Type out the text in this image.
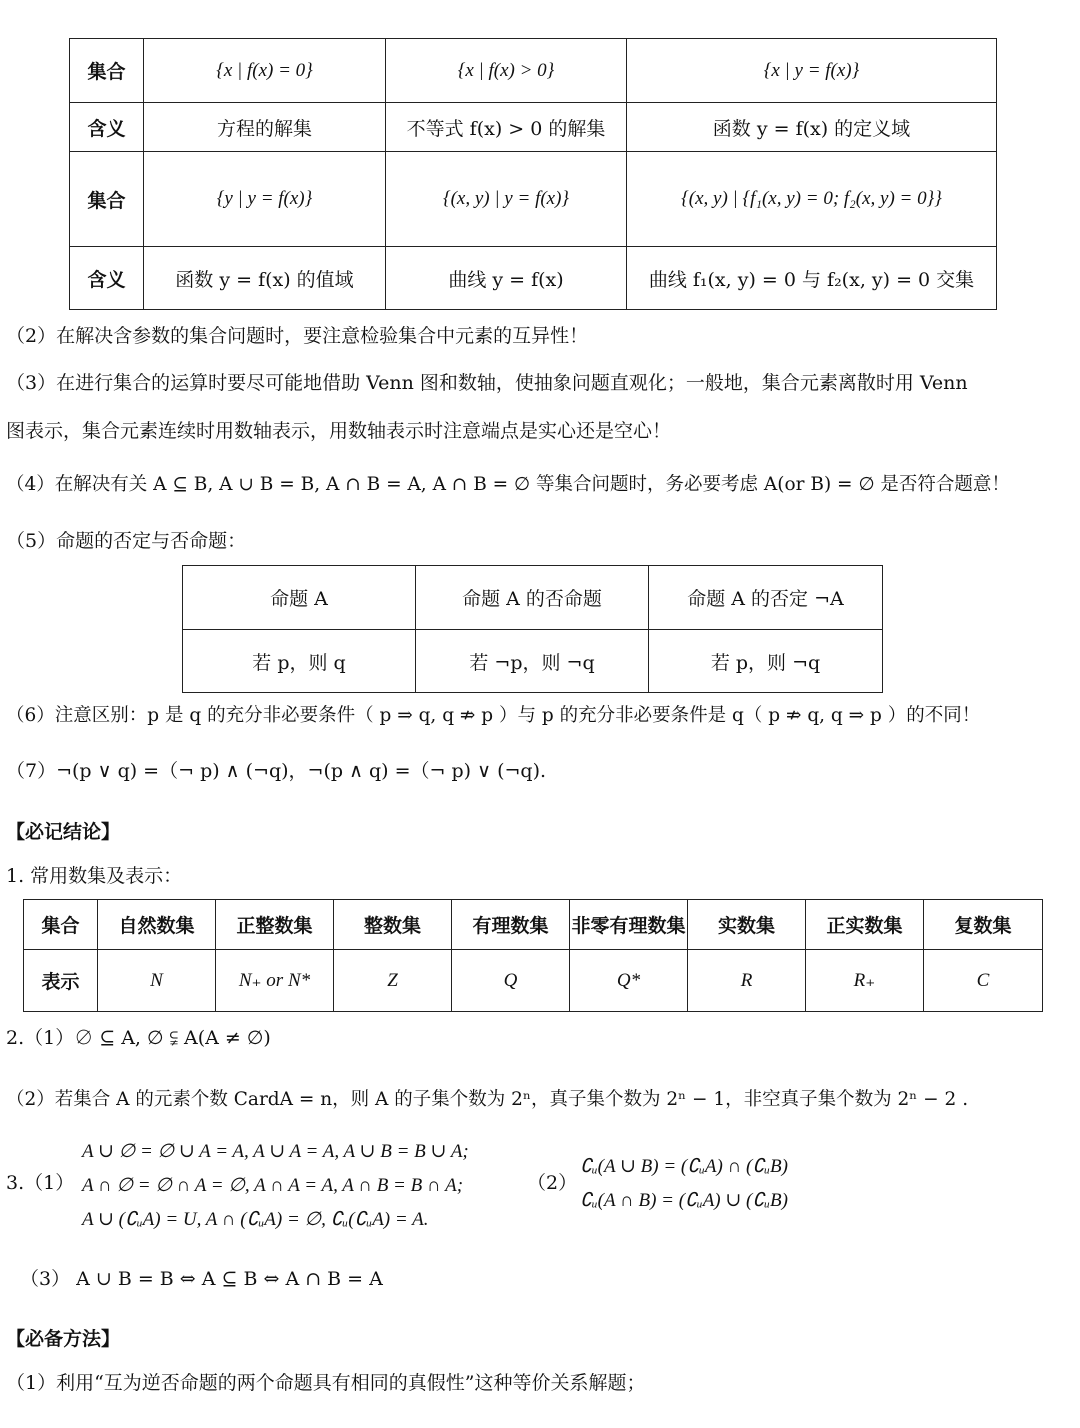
集合	{x | f(x) = 0}	{x | f(x) > 0}	{x | y = f(x)}
含义	方程的解集	不等式 f(x) > 0 的解集	函数 y = f(x) 的定义域
集合	{y | y = f(x)}	{(x, y) | y = f(x)}	{(x, y) | {f₁(x, y) = 0; f₂(x, y) = 0}}
含义	函数 y = f(x) 的值域	曲线 y = f(x)	曲线 f₁(x, y) = 0 与 f₂(x, y) = 0 交集
（2）在解决含参数的集合问题时，要注意检验集合中元素的互异性！
（3）在进行集合的运算时要尽可能地借助 Venn 图和数轴，使抽象问题直观化；一般地，集合元素离散时用 Venn
图表示，集合元素连续时用数轴表示，用数轴表示时注意端点是实心还是空心！
（4）在解决有关 A ⊆ B, A ∪ B = B, A ∩ B = A, A ∩ B = ∅ 等集合问题时，务必要考虑 A(or B) = ∅ 是否符合题意！
（5）命题的否定与否命题：
命题 A	命题 A 的否命题	命题 A 的否定 ¬A
若 p，则 q	若 ¬p，则 ¬q	若 p，则 ¬q
（6）注意区别：p 是 q 的充分非必要条件（ p ⇒ q, q ⇏ p ）与 p 的充分非必要条件是 q（ p ⇏ q, q ⇒ p ）的不同！
（7）¬(p ∨ q) =（¬ p) ∧ (¬q)，¬(p ∧ q) =（¬ p) ∨ (¬q).
【必记结论】
1. 常用数集及表示：
集合	自然数集	正整数集	整数集	有理数集	非零有理数集	实数集	正实数集	复数集
表示	N	N₊ or N*	Z	Q	Q*	R	R₊	C
2.（1）∅ ⊆ A, ∅ ⫋ A(A ≠ ∅)
（2）若集合 A 的元素个数 CardA = n，则 A 的子集个数为 2ⁿ，真子集个数为 2ⁿ − 1，非空真子集个数为 2ⁿ − 2 .
3.（1）
A ∪ ∅ = ∅ ∪ A = A, A ∪ A = A, A ∪ B = B ∪ A;
A ∩ ∅ = ∅ ∩ A = ∅, A ∩ A = A, A ∩ B = B ∩ A;
A ∪ (∁ᵤA) = U, A ∩ (∁ᵤA) = ∅, ∁ᵤ(∁ᵤA) = A.
（2）
∁ᵤ(A ∪ B) = (∁ᵤA) ∩ (∁ᵤB)
∁ᵤ(A ∩ B) = (∁ᵤA) ∪ (∁ᵤB)
（3） A ∪ B = B ⇔ A ⊆ B ⇔ A ∩ B = A
【必备方法】
（1）利用“互为逆否命题的两个命题具有相同的真假性”这种等价关系解题；
